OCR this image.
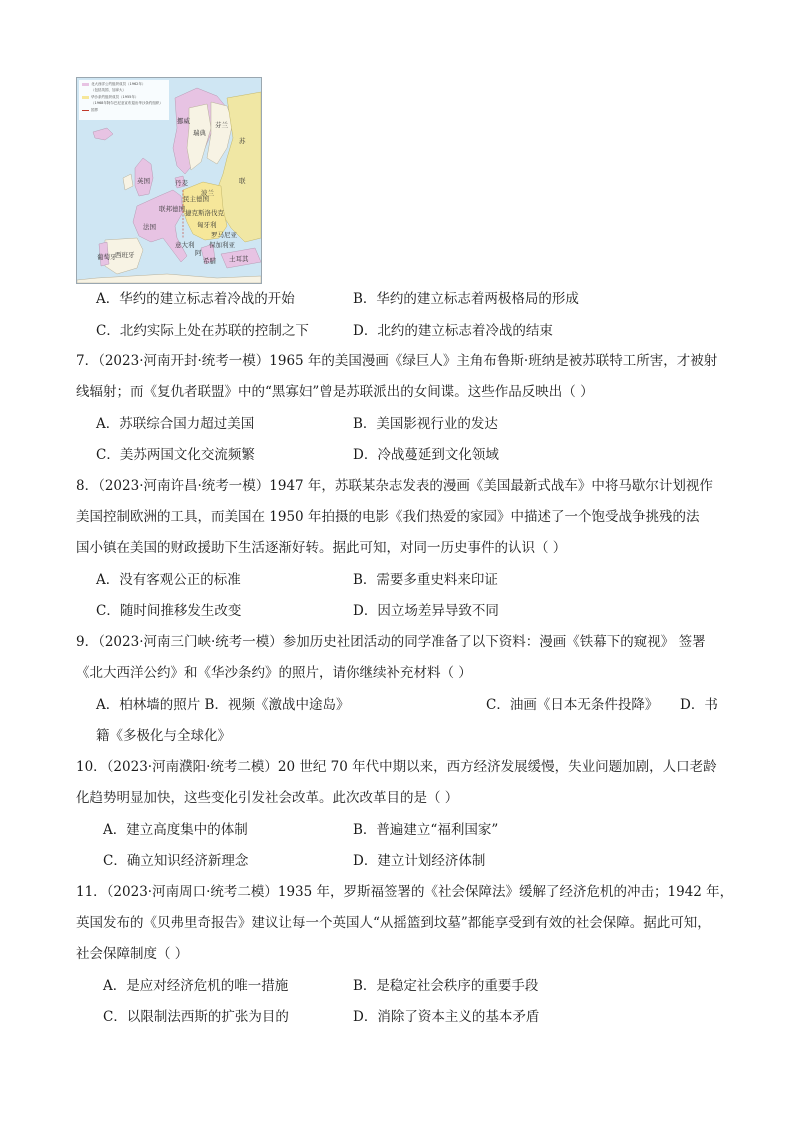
北大西洋公约组织成员（1962年）
（包括英国、加拿大）
华沙条约组织成员（1955年）
（1968年阿尔巴尼亚宣布退出华沙条约组织）
国界
瑞典
芬兰
挪威
苏
联
英国	丹麦
波兰
民主德国
联邦德国 捷克斯洛伐克
法国	匈牙利
罗马尼亚
保加利亚
西班牙
葡萄牙
意大利
阿
希腊 土耳其
A．华约的建立标志着冷战的开始	B．华约的建立标志着两极格局的形成
C．北约实际上处在苏联的控制之下	D．北约的建立标志着冷战的结束
7．（2023·河南开封·统考一模）1965 年的美国漫画《绿巨人》主角布鲁斯·班纳是被苏联特工所害，才被射
线辐射；而《复仇者联盟》中的“黑寡妇”曾是苏联派出的女间谍。这些作品反映出（ ）
A．苏联综合国力超过美国	B．美国影视行业的发达
C．美苏两国文化交流频繁	D．冷战蔓延到文化领域
8．（2023·河南许昌·统考一模）1947 年，苏联某杂志发表的漫画《美国最新式战车》中将马歇尔计划视作
美国控制欧洲的工具，而美国在 1950 年拍摄的电影《我们热爱的家园》中描述了一个饱受战争挑残的法
国小镇在美国的财政援助下生活逐渐好转。据此可知，对同一历史事件的认识（ ）
A．没有客观公正的标准	B．需要多重史料来印证
C．随时间推移发生改变	D．因立场差异导致不同
9．（2023·河南三门峡·统考一模）参加历史社团活动的同学准备了以下资料：漫画《铁幕下的窥视》 签署
《北大西洋公约》和《华沙条约》的照片，请你继续补充材料（ ）
A．柏林墙的照片 B．视频《激战中途岛》	C．油画《日本无条件投降》 D．书
籍《多极化与全球化》
10．（2023·河南濮阳·统考二模）20 世纪 70 年代中期以来，西方经济发展缓慢，失业问题加剧，人口老龄
化趋势明显加快，这些变化引发社会改革。此次改革目的是（ ）
A．建立高度集中的体制	B．普遍建立“福利国家”
C．确立知识经济新理念	D．建立计划经济体制
11．（2023·河南周口·统考二模）1935 年，罗斯福签署的《社会保障法》缓解了经济危机的冲击；1942 年，
英国发布的《贝弗里奇报告》建议让每一个英国人“从摇篮到坟墓”都能享受到有效的社会保障。据此可知，
社会保障制度（ ）
A．是应对经济危机的唯一措施	B．是稳定社会秩序的重要手段
C．以限制法西斯的扩张为目的	D．消除了资本主义的基本矛盾
